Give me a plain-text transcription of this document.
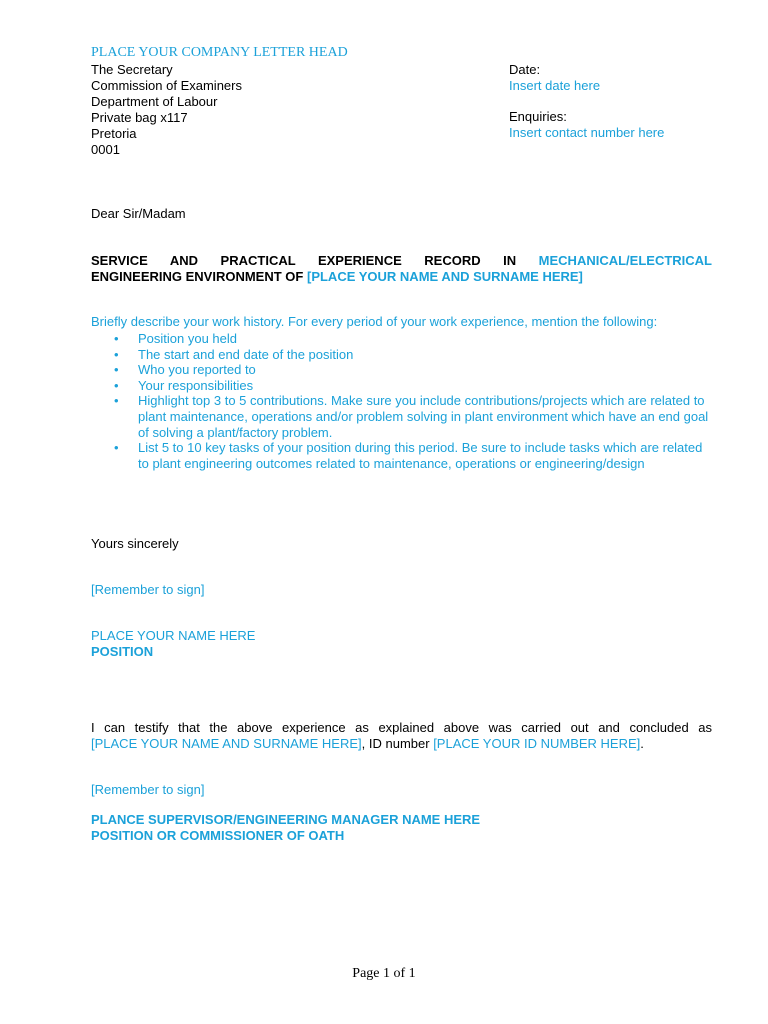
PLACE YOUR COMPANY LETTER HEAD
The Secretary
Commission of Examiners
Department of Labour
Private bag x117
Pretoria
0001
Date:
Insert date here
Enquiries:
Insert contact number here
Dear Sir/Madam
SERVICE AND PRACTICAL EXPERIENCE RECORD IN MECHANICAL/ELECTRICAL
ENGINEERING ENVIRONMENT OF [PLACE YOUR NAME AND SURNAME HERE]
Briefly describe your work history. For every period of your work experience, mention the following:
• Position you held
• The start and end date of the position
• Who you reported to
• Your responsibilities
• Highlight top 3 to 5 contributions. Make sure you include contributions/projects which are related to plant maintenance, operations and/or problem solving in plant environment which have an end goal of solving a plant/factory problem.
• List 5 to 10 key tasks of your position during this period. Be sure to include tasks which are related to plant engineering outcomes related to maintenance, operations or engineering/design
Yours sincerely
[Remember to sign]
PLACE YOUR NAME HERE
POSITION
I can testify that the above experience as explained above was carried out and concluded as
[PLACE YOUR NAME AND SURNAME HERE], ID number [PLACE YOUR ID NUMBER HERE].
[Remember to sign]
PLANCE SUPERVISOR/ENGINEERING MANAGER NAME HERE
POSITION OR COMMISSIONER OF OATH
Page 1 of 1
